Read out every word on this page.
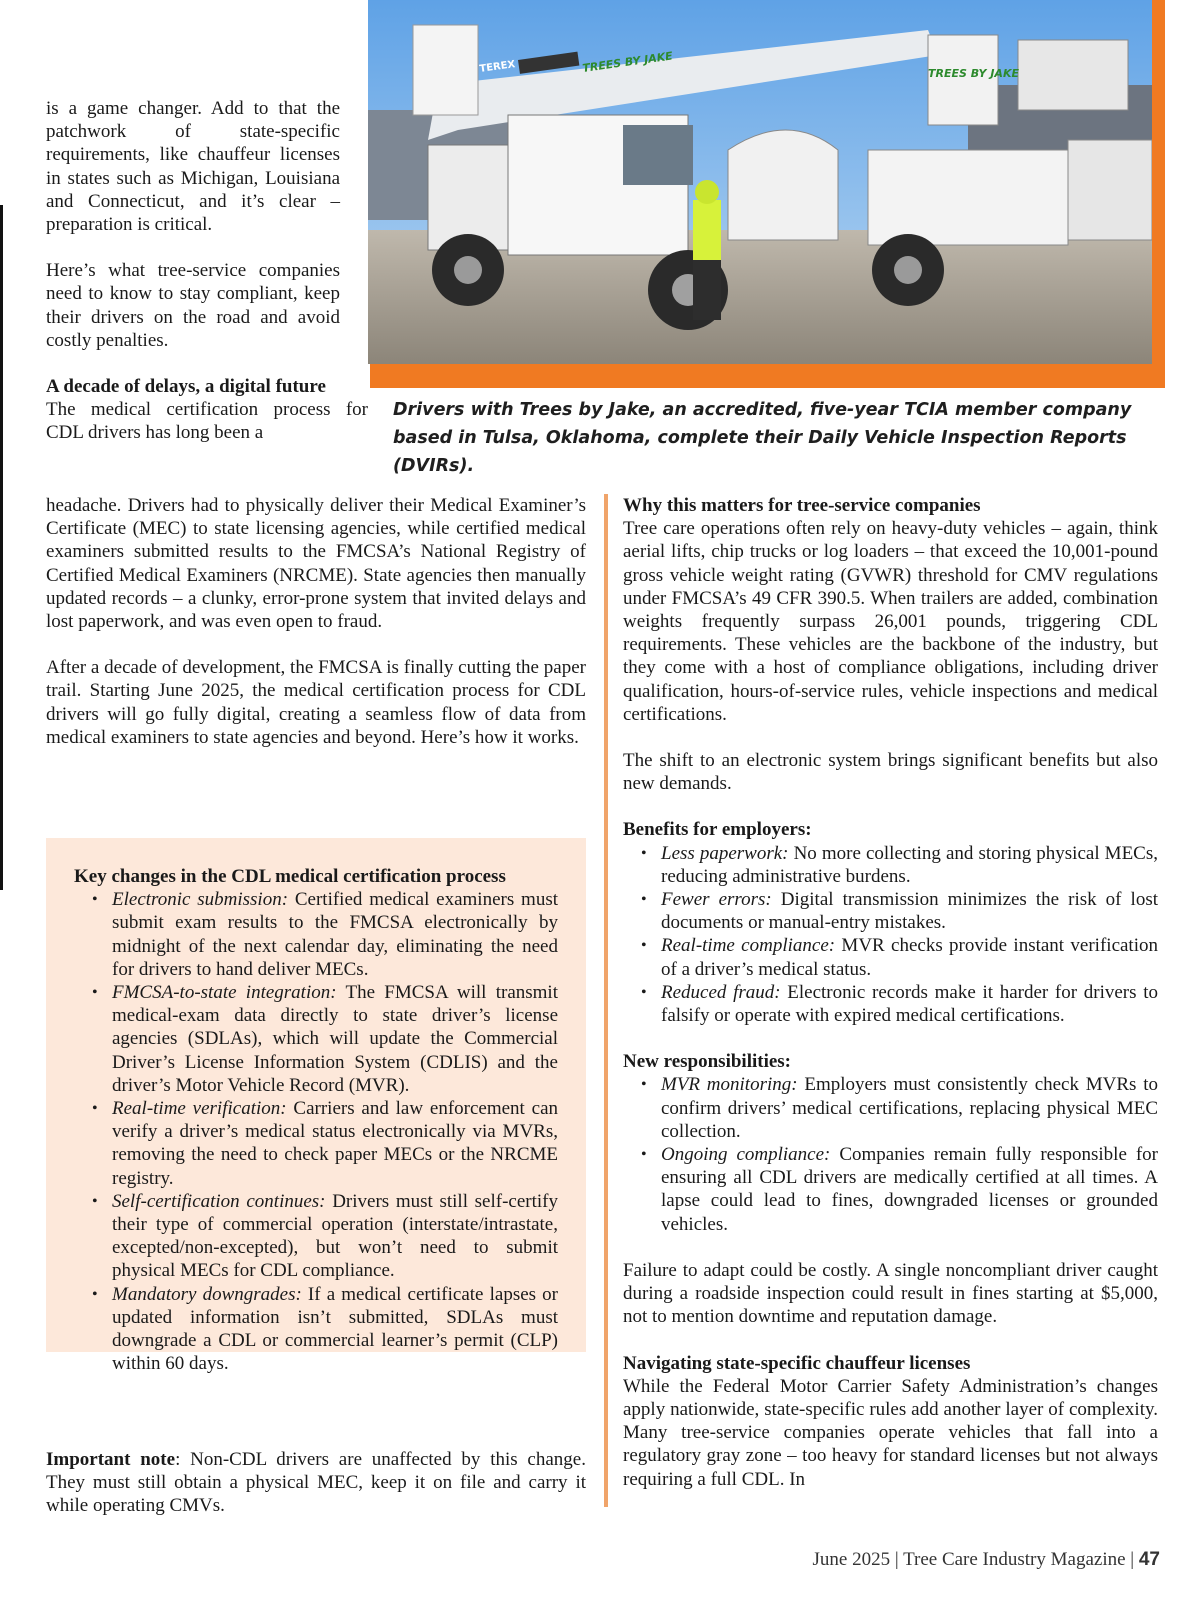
TREES BY JAKE	TREES BY JAKE
TEREX
Drivers with Trees by Jake, an accredited, five-year TCIA member company based in Tulsa, Oklahoma, complete their Daily Vehicle Inspection Reports (DVIRs).

is a game changer. Add to that the patchwork of state-specific requirements, like chauffeur licenses in states such as Michigan, Louisiana and Connecticut, and it’s clear – preparation is critical.

Here’s what tree-service companies need to know to stay compliant, keep their drivers on the road and avoid costly penalties.

A decade of delays, a digital future

The medical certification process for CDL drivers has long been a

headache. Drivers had to physically deliver their Medical Examiner’s Certificate (MEC) to state licensing agencies, while certified medical examiners submitted results to the FMCSA’s National Registry of Certified Medical Examiners (NRCME). State agencies then manually updated records – a clunky, error-prone system that invited delays and lost paperwork, and was even open to fraud.

After a decade of development, the FMCSA is finally cutting the paper trail. Starting June 2025, the medical certification process for CDL drivers will go fully digital, creating a seamless flow of data from medical examiners to state agencies and beyond. Here’s how it works.

Key changes in the CDL medical certification process

• Electronic submission: Certified medical examiners must submit exam results to the FMCSA electronically by midnight of the next calendar day, eliminating the need for drivers to hand deliver MECs.
• FMCSA-to-state integration: The FMCSA will transmit medical-exam data directly to state driver’s license agencies (SDLAs), which will update the Commercial Driver’s License Information System (CDLIS) and the driver’s Motor Vehicle Record (MVR).
• Real-time verification: Carriers and law enforcement can verify a driver’s medical status electronically via MVRs, removing the need to check paper MECs or the NRCME registry.
• Self-certification continues: Drivers must still self-certify their type of commercial operation (interstate/intrastate, excepted/non-excepted), but won’t need to submit physical MECs for CDL compliance.
• Mandatory downgrades: If a medical certificate lapses or updated information isn’t submitted, SDLAs must downgrade a CDL or commercial learner’s permit (CLP) within 60 days.

Important note: Non-CDL drivers are unaffected by this change. They must still obtain a physical MEC, keep it on file and carry it while operating CMVs.

Why this matters for tree-service companies

Tree care operations often rely on heavy-duty vehicles – again, think aerial lifts, chip trucks or log loaders – that exceed the 10,001-pound gross vehicle weight rating (GVWR) threshold for CMV regulations under FMCSA’s 49 CFR 390.5. When trailers are added, combination weights frequently surpass 26,001 pounds, triggering CDL requirements. These vehicles are the backbone of the industry, but they come with a host of compliance obligations, including driver qualification, hours-of-service rules, vehicle inspections and medical certifications.

The shift to an electronic system brings significant benefits but also new demands.

Benefits for employers:

• Less paperwork: No more collecting and storing physical MECs, reducing administrative burdens.
• Fewer errors: Digital transmission minimizes the risk of lost documents or manual-entry mistakes.
• Real-time compliance: MVR checks provide instant verification of a driver’s medical status.
• Reduced fraud: Electronic records make it harder for drivers to falsify or operate with expired medical certifications.

New responsibilities:

• MVR monitoring: Employers must consistently check MVRs to confirm drivers’ medical certifications, replacing physical MEC collection.
• Ongoing compliance: Companies remain fully responsible for ensuring all CDL drivers are medically certified at all times. A lapse could lead to fines, downgraded licenses or grounded vehicles.

Failure to adapt could be costly. A single noncompliant driver caught during a roadside inspection could result in fines starting at $5,000, not to mention downtime and reputation damage.

Navigating state-specific chauffeur licenses

While the Federal Motor Carrier Safety Administration’s changes apply nationwide, state-specific rules add another layer of complexity. Many tree-service companies operate vehicles that fall into a regulatory gray zone – too heavy for standard licenses but not always requiring a full CDL. In

June 2025 | Tree Care Industry Magazine | 47
